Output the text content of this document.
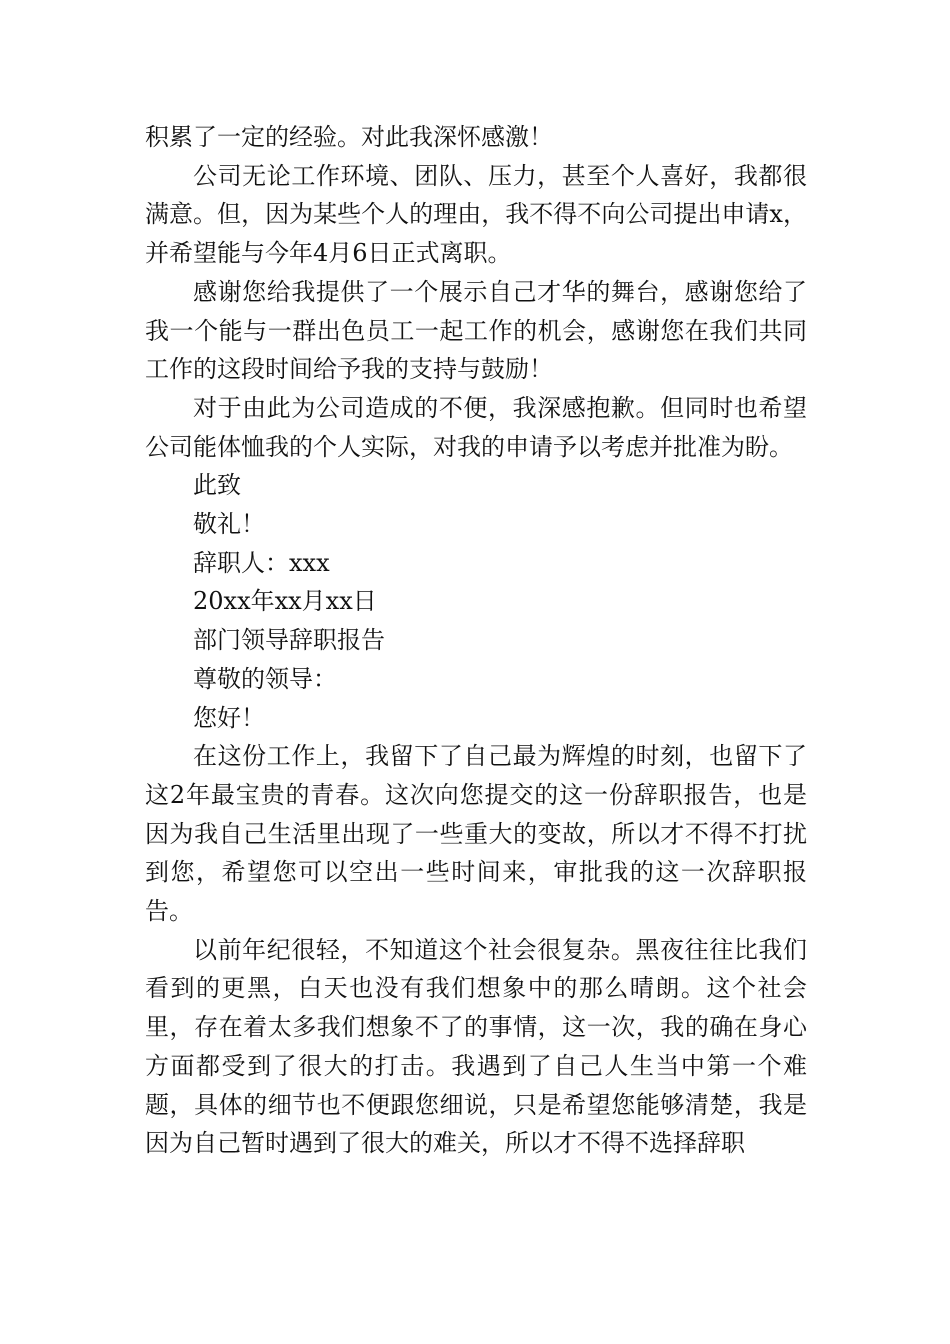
积累了一定的经验。对此我深怀感激！

公司无论工作环境、团队、压力，甚至个人喜好，我都很满意。但，因为某些个人的理由，我不得不向公司提出申请x，并希望能与今年4月6日正式离职。

感谢您给我提供了一个展示自己才华的舞台，感谢您给了我一个能与一群出色员工一起工作的机会，感谢您在我们共同工作的这段时间给予我的支持与鼓励！

对于由此为公司造成的不便，我深感抱歉。但同时也希望公司能体恤我的个人实际，对我的申请予以考虑并批准为盼。

此致

敬礼！

辞职人：xxx

20xx年xx月xx日

部门领导辞职报告

尊敬的领导：

您好！

在这份工作上，我留下了自己最为辉煌的时刻，也留下了这2年最宝贵的青春。这次向您提交的这一份辞职报告，也是因为我自己生活里出现了一些重大的变故，所以才不得不打扰到您，希望您可以空出一些时间来，审批我的这一次辞职报告。

以前年纪很轻，不知道这个社会很复杂。黑夜往往比我们看到的更黑，白天也没有我们想象中的那么晴朗。这个社会里，存在着太多我们想象不了的事情，这一次，我的确在身心方面都受到了很大的打击。我遇到了自己人生当中第一个难题，具体的细节也不便跟您细说，只是希望您能够清楚，我是因为自己暂时遇到了很大的难关，所以才不得不选择辞职
